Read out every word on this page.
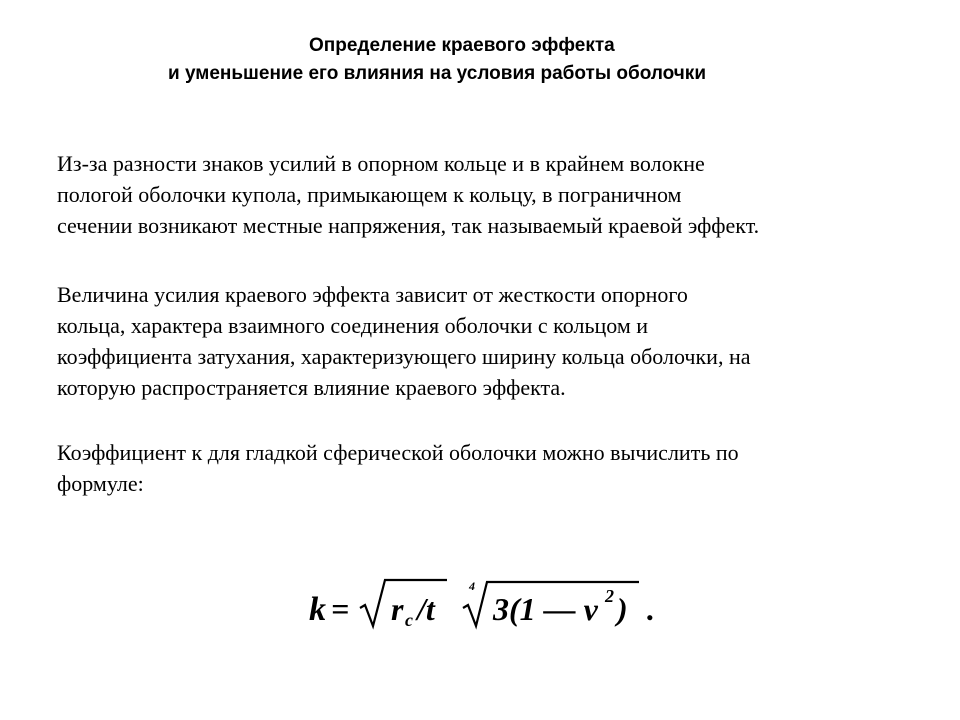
Определение краевого эффекта
и уменьшение его влияния на условия работы оболочки

Из-за разности знаков усилий в опорном кольце и в крайнем волокне
пологой оболочки купола, примыкающем к кольцу, в пограничном
сечении возникают местные напряжения, так называемый краевой эффект.

Величина усилия краевого эффекта зависит от жесткости опорного
кольца, характера взаимного соединения оболочки с кольцом и
коэффициента затухания, характеризующего ширину кольца оболочки, на
которую распространяется влияние краевого эффекта.

Коэффициент к для гладкой сферической оболочки можно вычислить по
формуле:

k = r c /t
4
3(1 — ν 2 ) .
